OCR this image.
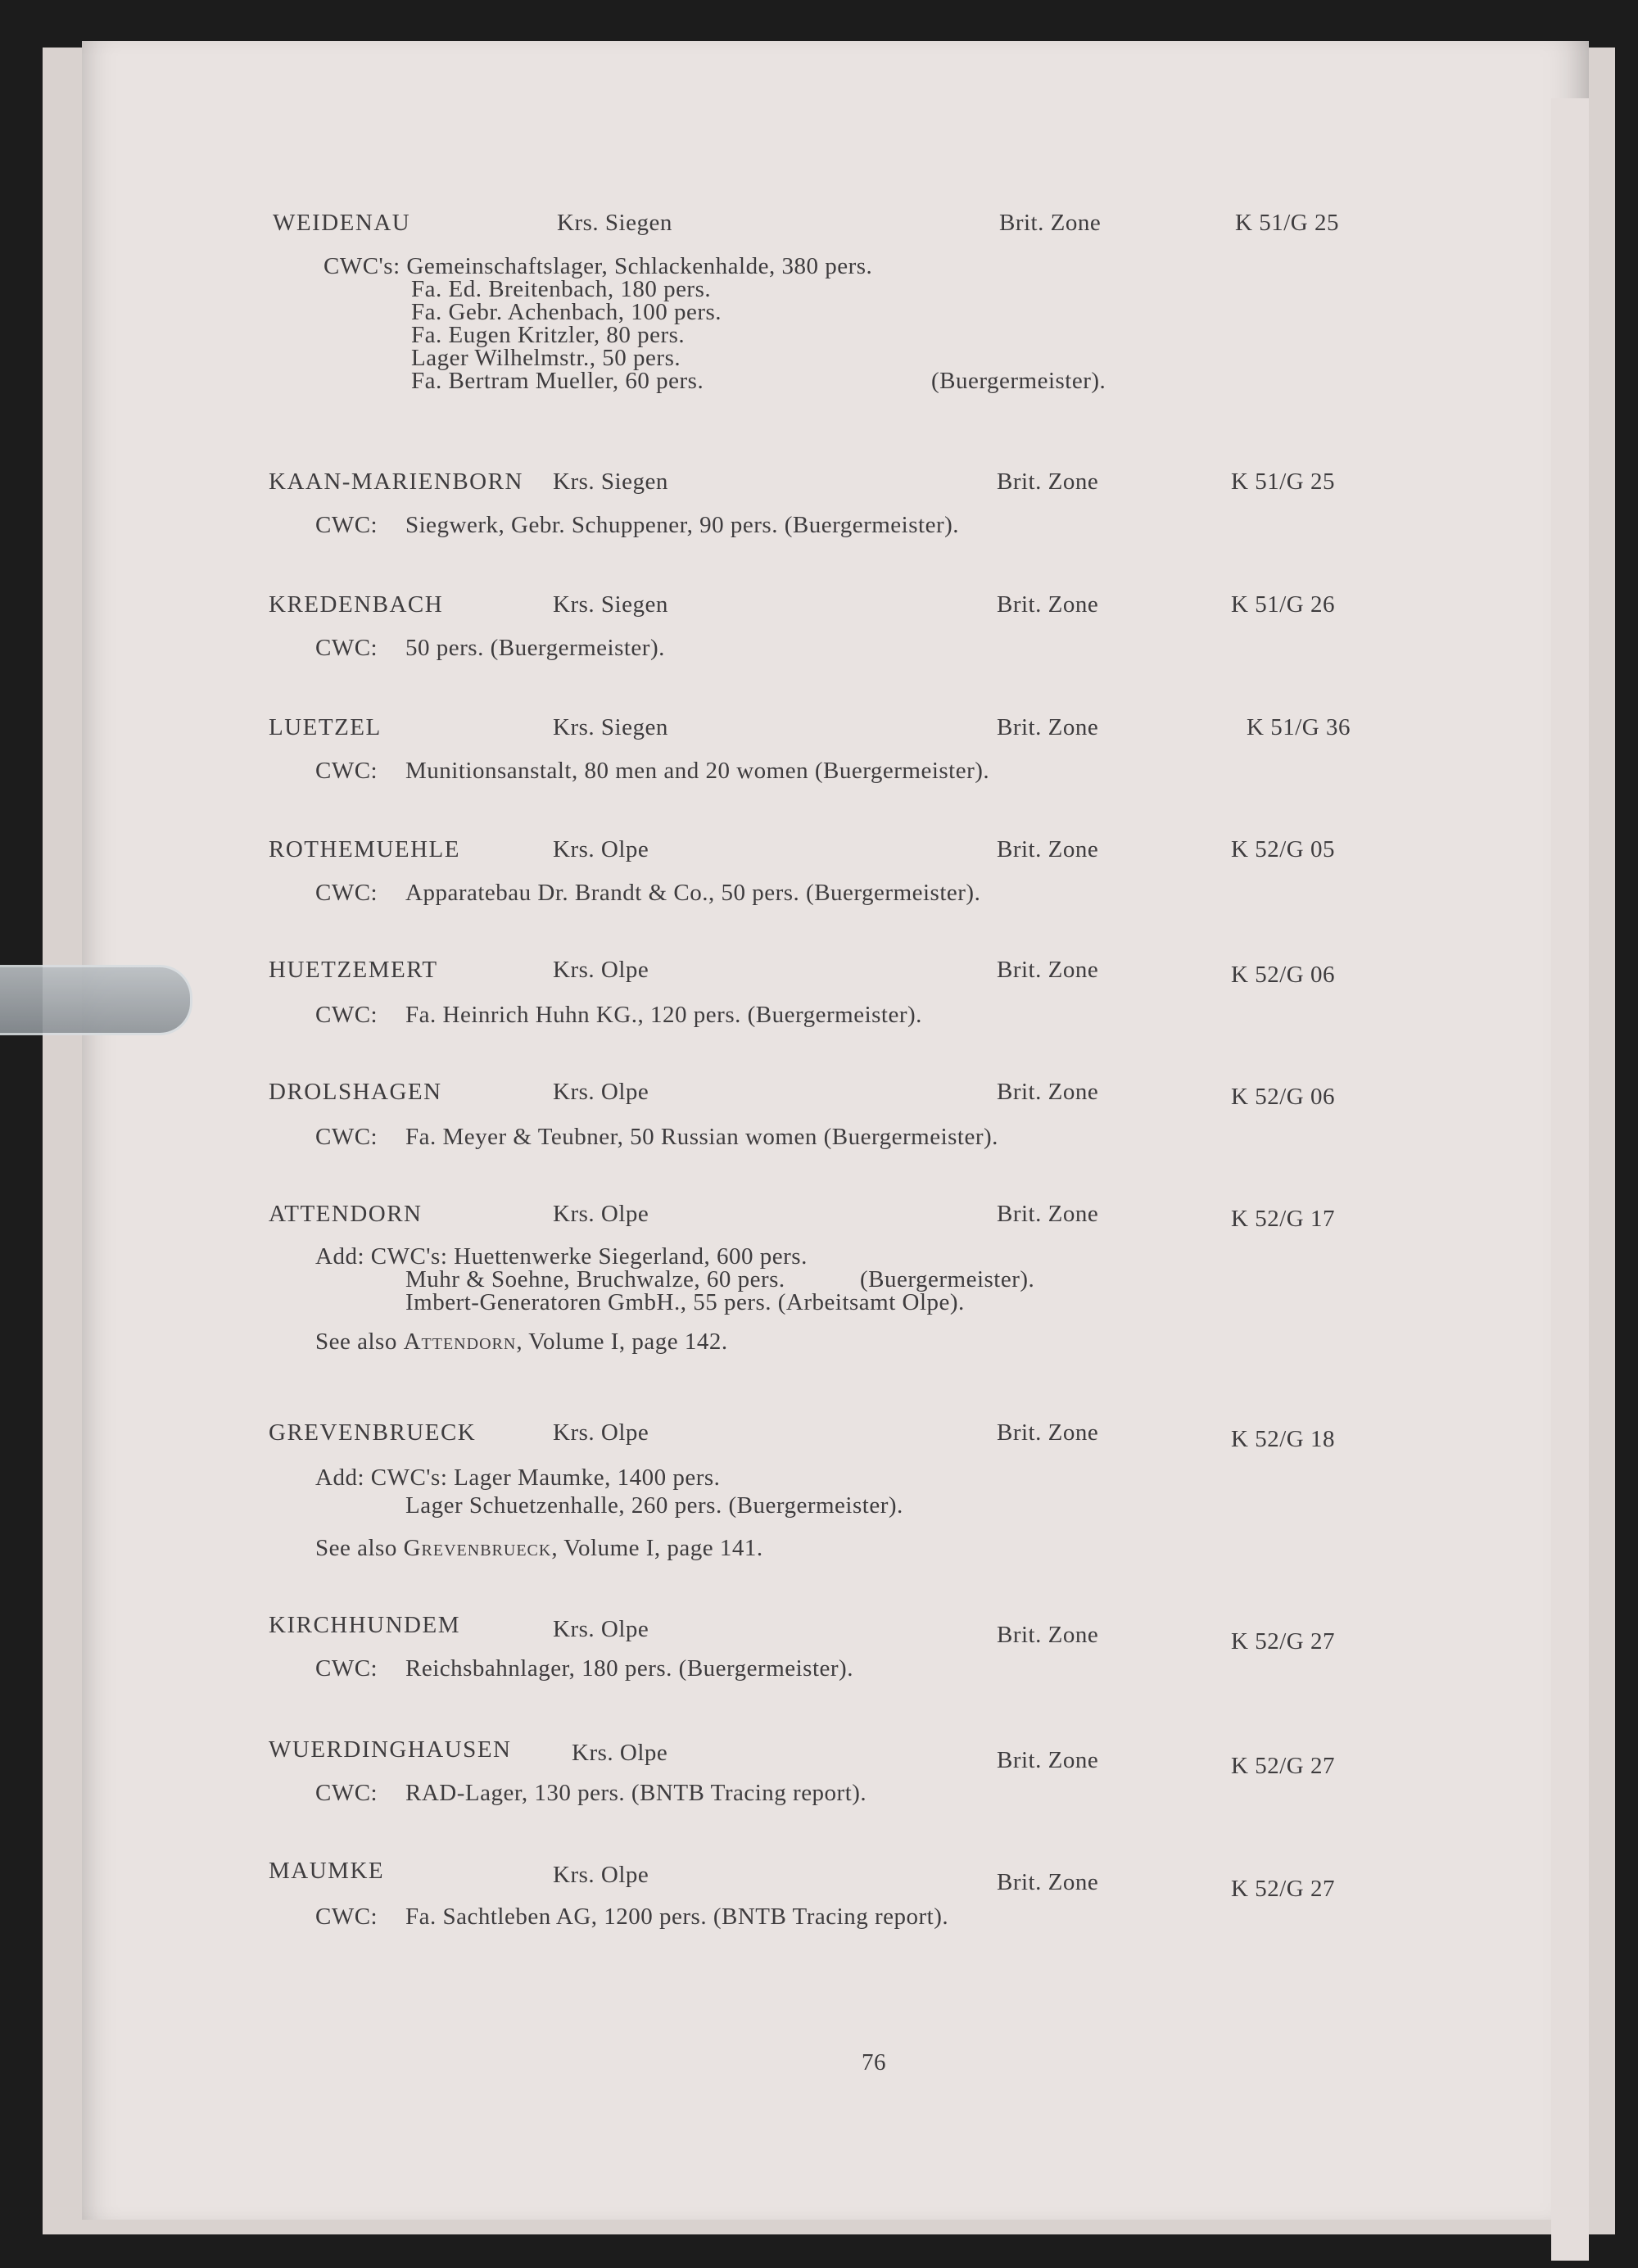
WEIDENAU	Krs. Siegen	Brit. Zone	K 51/G 25
CWC's: Gemeinschaftslager, Schlackenhalde, 380 pers.
Fa. Ed. Breitenbach, 180 pers.
Fa. Gebr. Achenbach, 100 pers.
Fa. Eugen Kritzler, 80 pers.
Lager Wilhelmstr., 50 pers.
Fa. Bertram Mueller, 60 pers.	(Buergermeister).
KAAN-MARIENBORN Krs. Siegen	Brit. Zone	K 51/G 25
CWC: Siegwerk, Gebr. Schuppener, 90 pers. (Buergermeister).
KREDENBACH	Krs. Siegen	Brit. Zone	K 51/G 26
CWC: 50 pers. (Buergermeister).
LUETZEL	Krs. Siegen	Brit. Zone	K 51/G 36
CWC: Munitionsanstalt, 80 men and 20 women (Buergermeister).
ROTHEMUEHLE	Krs. Olpe	Brit. Zone	K 52/G 05
CWC: Apparatebau Dr. Brandt & Co., 50 pers. (Buergermeister).
HUETZEMERT	Krs. Olpe	Brit. Zone	K 52/G 06
CWC: Fa. Heinrich Huhn KG., 120 pers. (Buergermeister).
DROLSHAGEN	Krs. Olpe	Brit. Zone	K 52/G 06
CWC: Fa. Meyer & Teubner, 50 Russian women (Buergermeister).
ATTENDORN	Krs. Olpe	Brit. Zone	K 52/G 17
Add: CWC's: Huettenwerke Siegerland, 600 pers.
Muhr & Soehne, Bruchwalze, 60 pers.	(Buergermeister).
Imbert-Generatoren GmbH., 55 pers. (Arbeitsamt Olpe).
See also Attendorn, Volume I, page 142.
GREVENBRUECK	Krs. Olpe	Brit. Zone	K 52/G 18
Add: CWC's: Lager Maumke, 1400 pers.
Lager Schuetzenhalle, 260 pers. (Buergermeister).
See also Grevenbrueck, Volume I, page 141.
KIRCHHUNDEM	Krs. Olpe	Brit. Zone	K 52/G 27
CWC: Reichsbahnlager, 180 pers. (Buergermeister).
WUERDINGHAUSEN	Krs. Olpe	Brit. Zone	K 52/G 27
CWC: RAD-Lager, 130 pers. (BNTB Tracing report).
MAUMKE	Krs. Olpe	Brit. Zone	K 52/G 27
CWC: Fa. Sachtleben AG, 1200 pers. (BNTB Tracing report).
76
